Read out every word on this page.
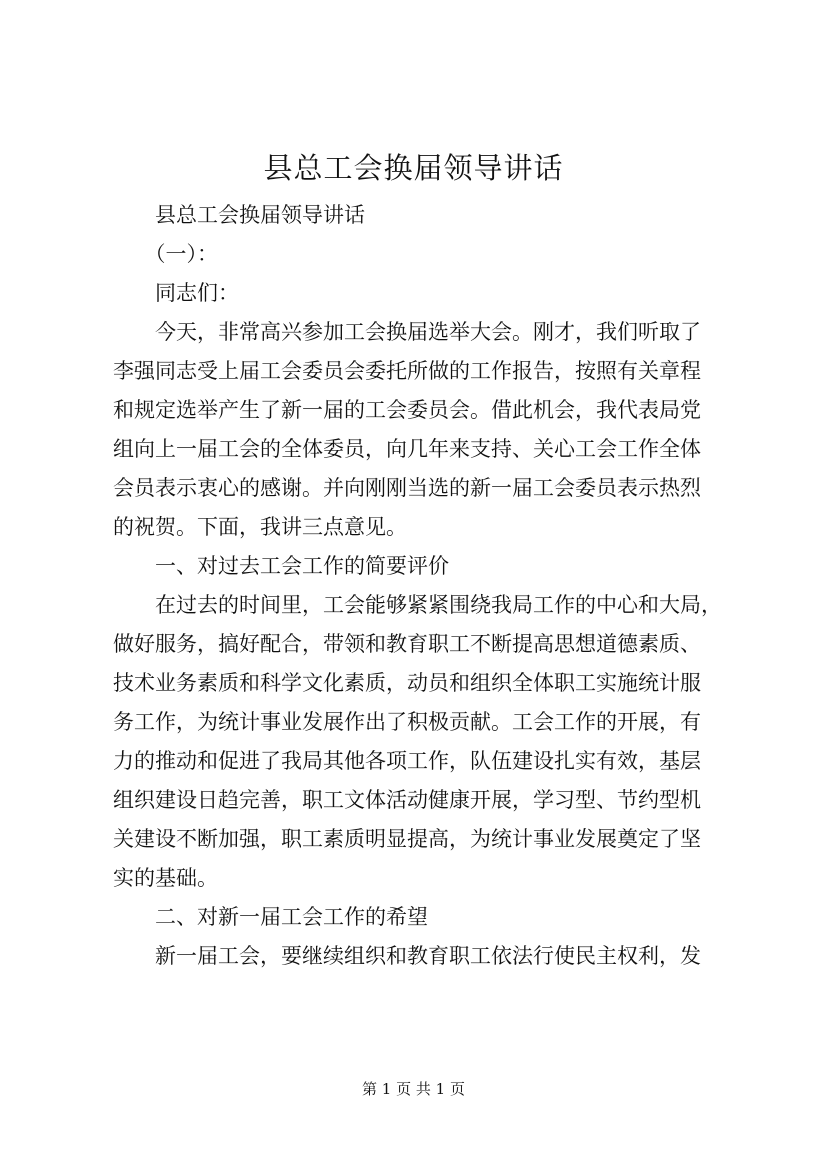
县总工会换届领导讲话

　　县总工会换届领导讲话

　　（一）：

　　同志们：

　　今天，非常高兴参加工会换届选举大会。刚才，我们听取了

李强同志受上届工会委员会委托所做的工作报告，按照有关章程

和规定选举产生了新一届的工会委员会。借此机会，我代表局党

组向上一届工会的全体委员，向几年来支持、关心工会工作全体

会员表示衷心的感谢。并向刚刚当选的新一届工会委员表示热烈

的祝贺。下面，我讲三点意见。

　　一、对过去工会工作的简要评价

　　在过去的时间里，工会能够紧紧围绕我局工作的中心和大局，

做好服务，搞好配合，带领和教育职工不断提高思想道德素质、

技术业务素质和科学文化素质，动员和组织全体职工实施统计服

务工作，为统计事业发展作出了积极贡献。工会工作的开展，有

力的推动和促进了我局其他各项工作，队伍建设扎实有效，基层

组织建设日趋完善，职工文体活动健康开展，学习型、节约型机

关建设不断加强，职工素质明显提高，为统计事业发展奠定了坚

实的基础。

　　二、对新一届工会工作的希望

　　新一届工会，要继续组织和教育职工依法行使民主权利，发

第 1 页 共 1 页
